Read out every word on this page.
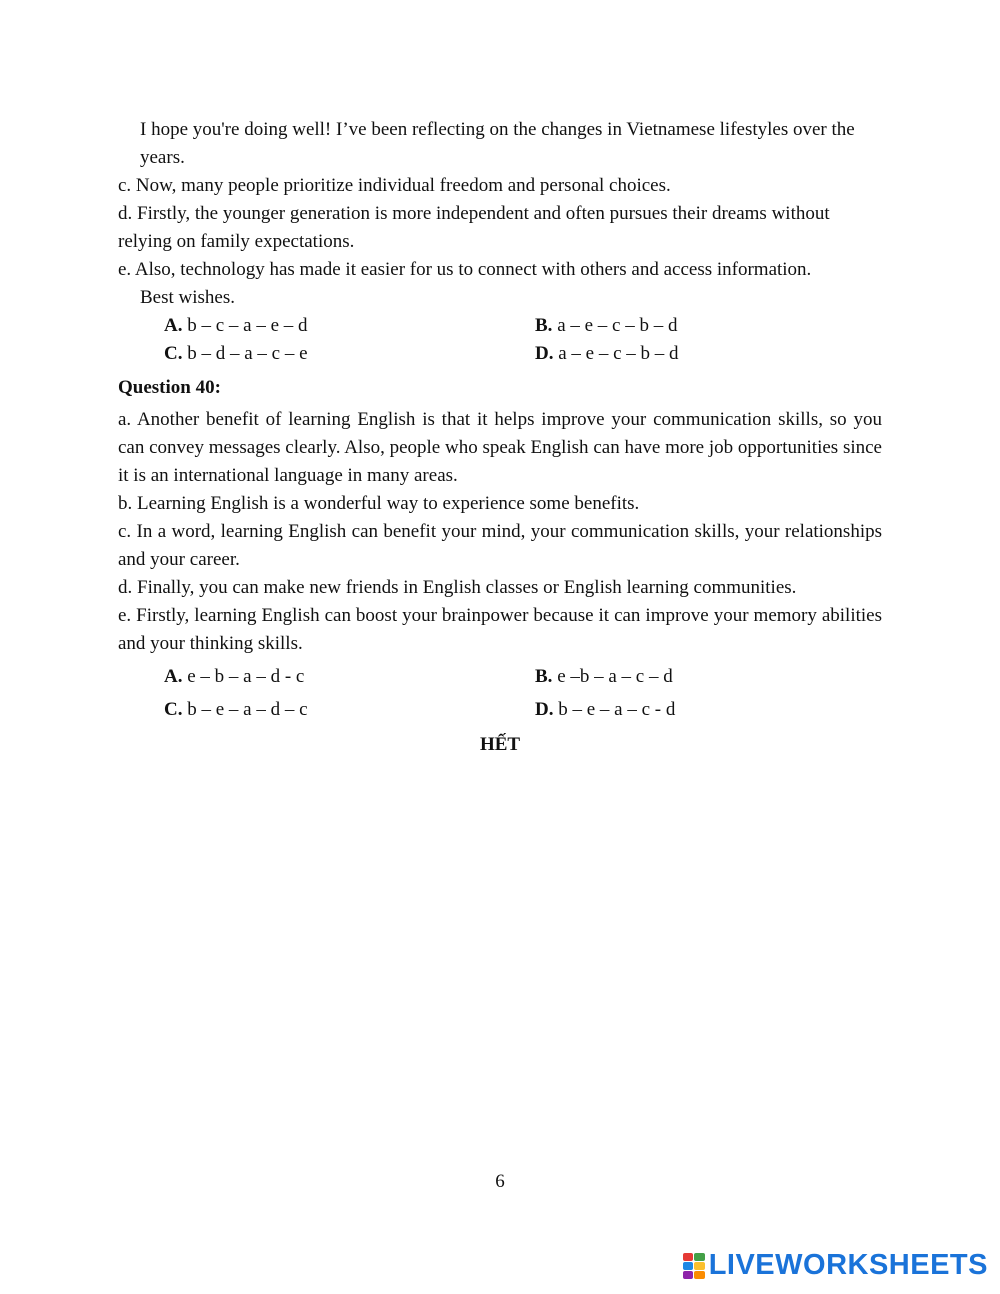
I hope you're doing well! I’ve been reflecting on the changes in Vietnamese lifestyles over the years.

c. Now, many people prioritize individual freedom and personal choices.

d. Firstly, the younger generation is more independent and often pursues their dreams without relying on family expectations.

e. Also, technology has made it easier for us to connect with others and access information.

Best wishes.

A. b – c – a – e – d	B. a – e – c – b – d
C. b – d – a – c – e	D. a – e – c – b – d
Question 40:

a. Another benefit of learning English is that it helps improve your communication skills, so you can convey messages clearly. Also, people who speak English can have more job opportunities since it is an international language in many areas.

b. Learning English is a wonderful way to experience some benefits.

c. In a word, learning English can benefit your mind, your communication skills, your relationships and your career.

d. Finally, you can make new friends in English classes or English learning communities.

e. Firstly, learning English can boost your brainpower because it can improve your memory abilities and your thinking skills.

A. e – b – a – d - c	B. e –b – a – c – d
C. b – e – a – d – c	D. b – e – a – c - d
HẾT
6
LIVEWORKSHEETS
